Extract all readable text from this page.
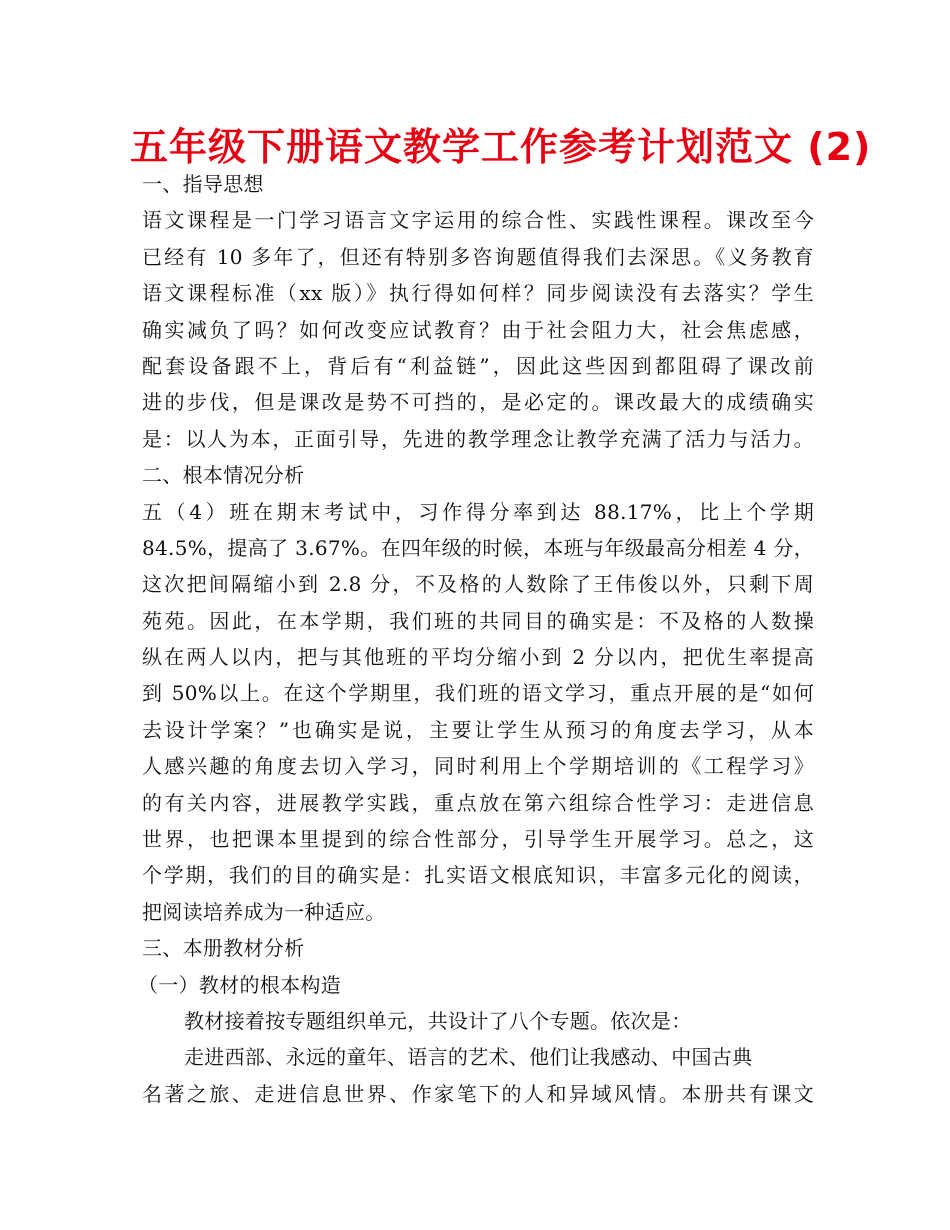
五年级下册语文教学工作参考计划范文 (2)
一、指导思想
语文课程是一门学习语言文字运用的综合性、实践性课程。课改至今
已经有 10 多年了，但还有特别多咨询题值得我们去深思。《义务教育
语文课程标准（xx 版）》执行得如何样？同步阅读没有去落实？学生
确实减负了吗？如何改变应试教育？由于社会阻力大，社会焦虑感，
配套设备跟不上，背后有“利益链”，因此这些因到都阻碍了课改前
进的步伐，但是课改是势不可挡的，是必定的。课改最大的成绩确实
是：以人为本，正面引导，先进的教学理念让教学充满了活力与活力。
二、根本情况分析
五（4）班在期末考试中，习作得分率到达 88.17%，比上个学期
84.5%，提高了 3.67%。在四年级的时候，本班与年级最高分相差 4 分，
这次把间隔缩小到 2.8 分，不及格的人数除了王伟俊以外，只剩下周
苑苑。因此，在本学期，我们班的共同目的确实是：不及格的人数操
纵在两人以内，把与其他班的平均分缩小到 2 分以内，把优生率提高
到 50%以上。在这个学期里，我们班的语文学习，重点开展的是“如何
去设计学案？”也确实是说，主要让学生从预习的角度去学习，从本
人感兴趣的角度去切入学习，同时利用上个学期培训的《工程学习》
的有关内容，进展教学实践，重点放在第六组综合性学习：走进信息
世界，也把课本里提到的综合性部分，引导学生开展学习。总之，这
个学期，我们的目的确实是：扎实语文根底知识，丰富多元化的阅读，
把阅读培养成为一种适应。
三、本册教材分析
（一）教材的根本构造
教材接着按专题组织单元，共设计了八个专题。依次是：
走进西部、永远的童年、语言的艺术、他们让我感动、中国古典
名著之旅、走进信息世界、作家笔下的人和异域风情。本册共有课文
